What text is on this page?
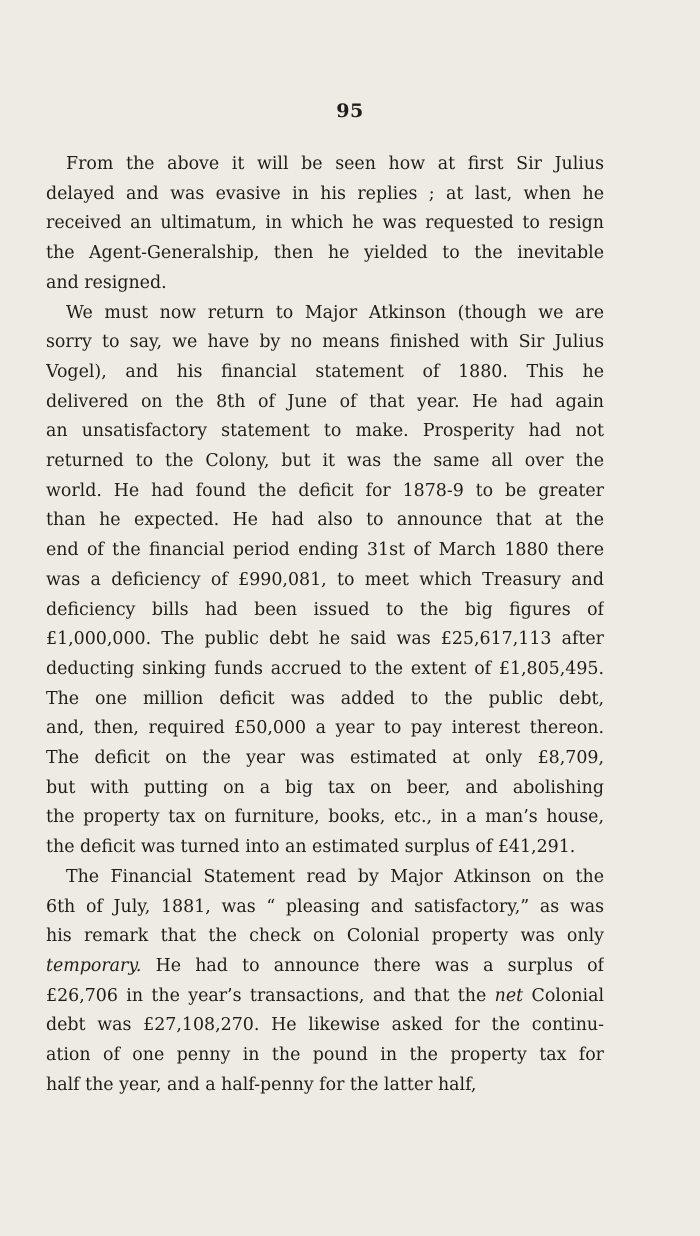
95

From the above it will be seen how at first Sir Julius
delayed and was evasive in his replies ; at last, when he
received an ultimatum, in which he was requested to resign
the Agent-Generalship, then he yielded to the inevitable
and resigned.

We must now return to Major Atkinson (though we are
sorry to say, we have by no means finished with Sir Julius
Vogel), and his financial statement of 1880. This he
delivered on the 8th of June of that year. He had again
an unsatisfactory statement to make. Prosperity had not
returned to the Colony, but it was the same all over the
world. He had found the deficit for 1878-9 to be greater
than he expected. He had also to announce that at the
end of the financial period ending 31st of March 1880 there
was a deficiency of £990,081, to meet which Treasury and
deficiency bills had been issued to the big figures of
£1,000,000. The public debt he said was £25,617,113 after
deducting sinking funds accrued to the extent of £1,805,495.
The one million deficit was added to the public debt,
and, then, required £50,000 a year to pay interest thereon.
The deficit on the year was estimated at only £8,709,
but with putting on a big tax on beer, and abolishing
the property tax on furniture, books, etc., in a man’s house,
the deficit was turned into an estimated surplus of £41,291.

The Financial Statement read by Major Atkinson on the
6th of July, 1881, was “ pleasing and satisfactory,” as was
his remark that the check on Colonial property was only
temporary. He had to announce there was a surplus of
£26,706 in the year’s transactions, and that the net Colonial
debt was £27,108,270. He likewise asked for the continu-
ation of one penny in the pound in the property tax for
half the year, and a half-penny for the latter half,
